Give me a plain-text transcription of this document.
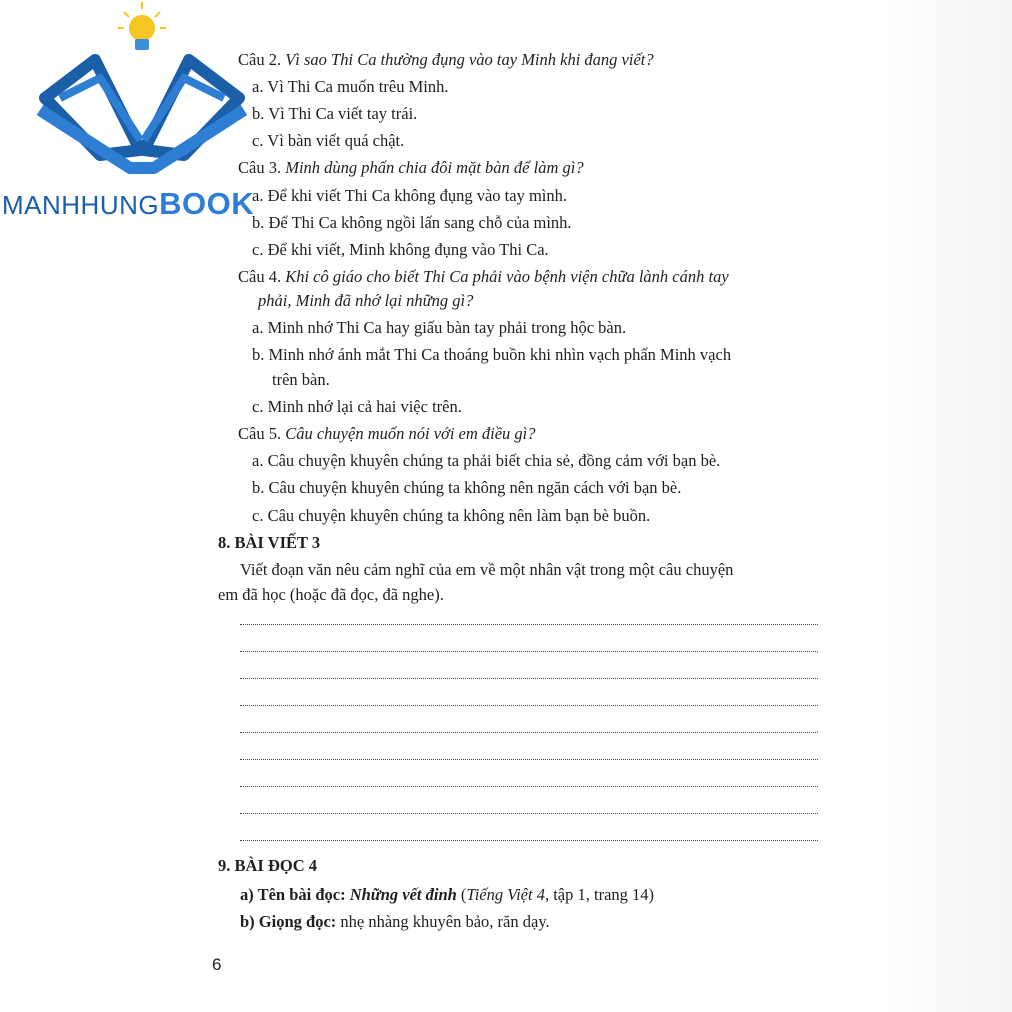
MANHHUNGBOOK
Câu 2. Vì sao Thi Ca thường đụng vào tay Minh khi đang viết?
a. Vì Thi Ca muốn trêu Minh.
b. Vì Thi Ca viết tay trái.
c. Vì bàn viết quá chật.
Câu 3. Minh dùng phấn chia đôi mặt bàn để làm gì?
a. Để khi viết Thi Ca không đụng vào tay mình.
b. Để Thi Ca không ngồi lấn sang chỗ của mình.
c. Để khi viết, Minh không đụng vào Thi Ca.
Câu 4. Khi cô giáo cho biết Thi Ca phải vào bệnh viện chữa lành cánh tay
phải, Minh đã nhớ lại những gì?
a. Minh nhớ Thi Ca hay giấu bàn tay phải trong hộc bàn.
b. Minh nhớ ánh mắt Thi Ca thoáng buồn khi nhìn vạch phấn Minh vạch
trên bàn.
c. Minh nhớ lại cả hai việc trên.
Câu 5. Câu chuyện muốn nói với em điều gì?
a. Câu chuyện khuyên chúng ta phải biết chia sẻ, đồng cảm với bạn bè.
b. Câu chuyện khuyên chúng ta không nên ngăn cách với bạn bè.
c. Câu chuyện khuyên chúng ta không nên làm bạn bè buồn.
8. BÀI VIẾT 3
Viết đoạn văn nêu cảm nghĩ của em về một nhân vật trong một câu chuyện
em đã học (hoặc đã đọc, đã nghe).
9. BÀI ĐỌC 4
a) Tên bài đọc: Những vết đinh (Tiếng Việt 4, tập 1, trang 14)
b) Giọng đọc: nhẹ nhàng khuyên bảo, răn dạy.
6
